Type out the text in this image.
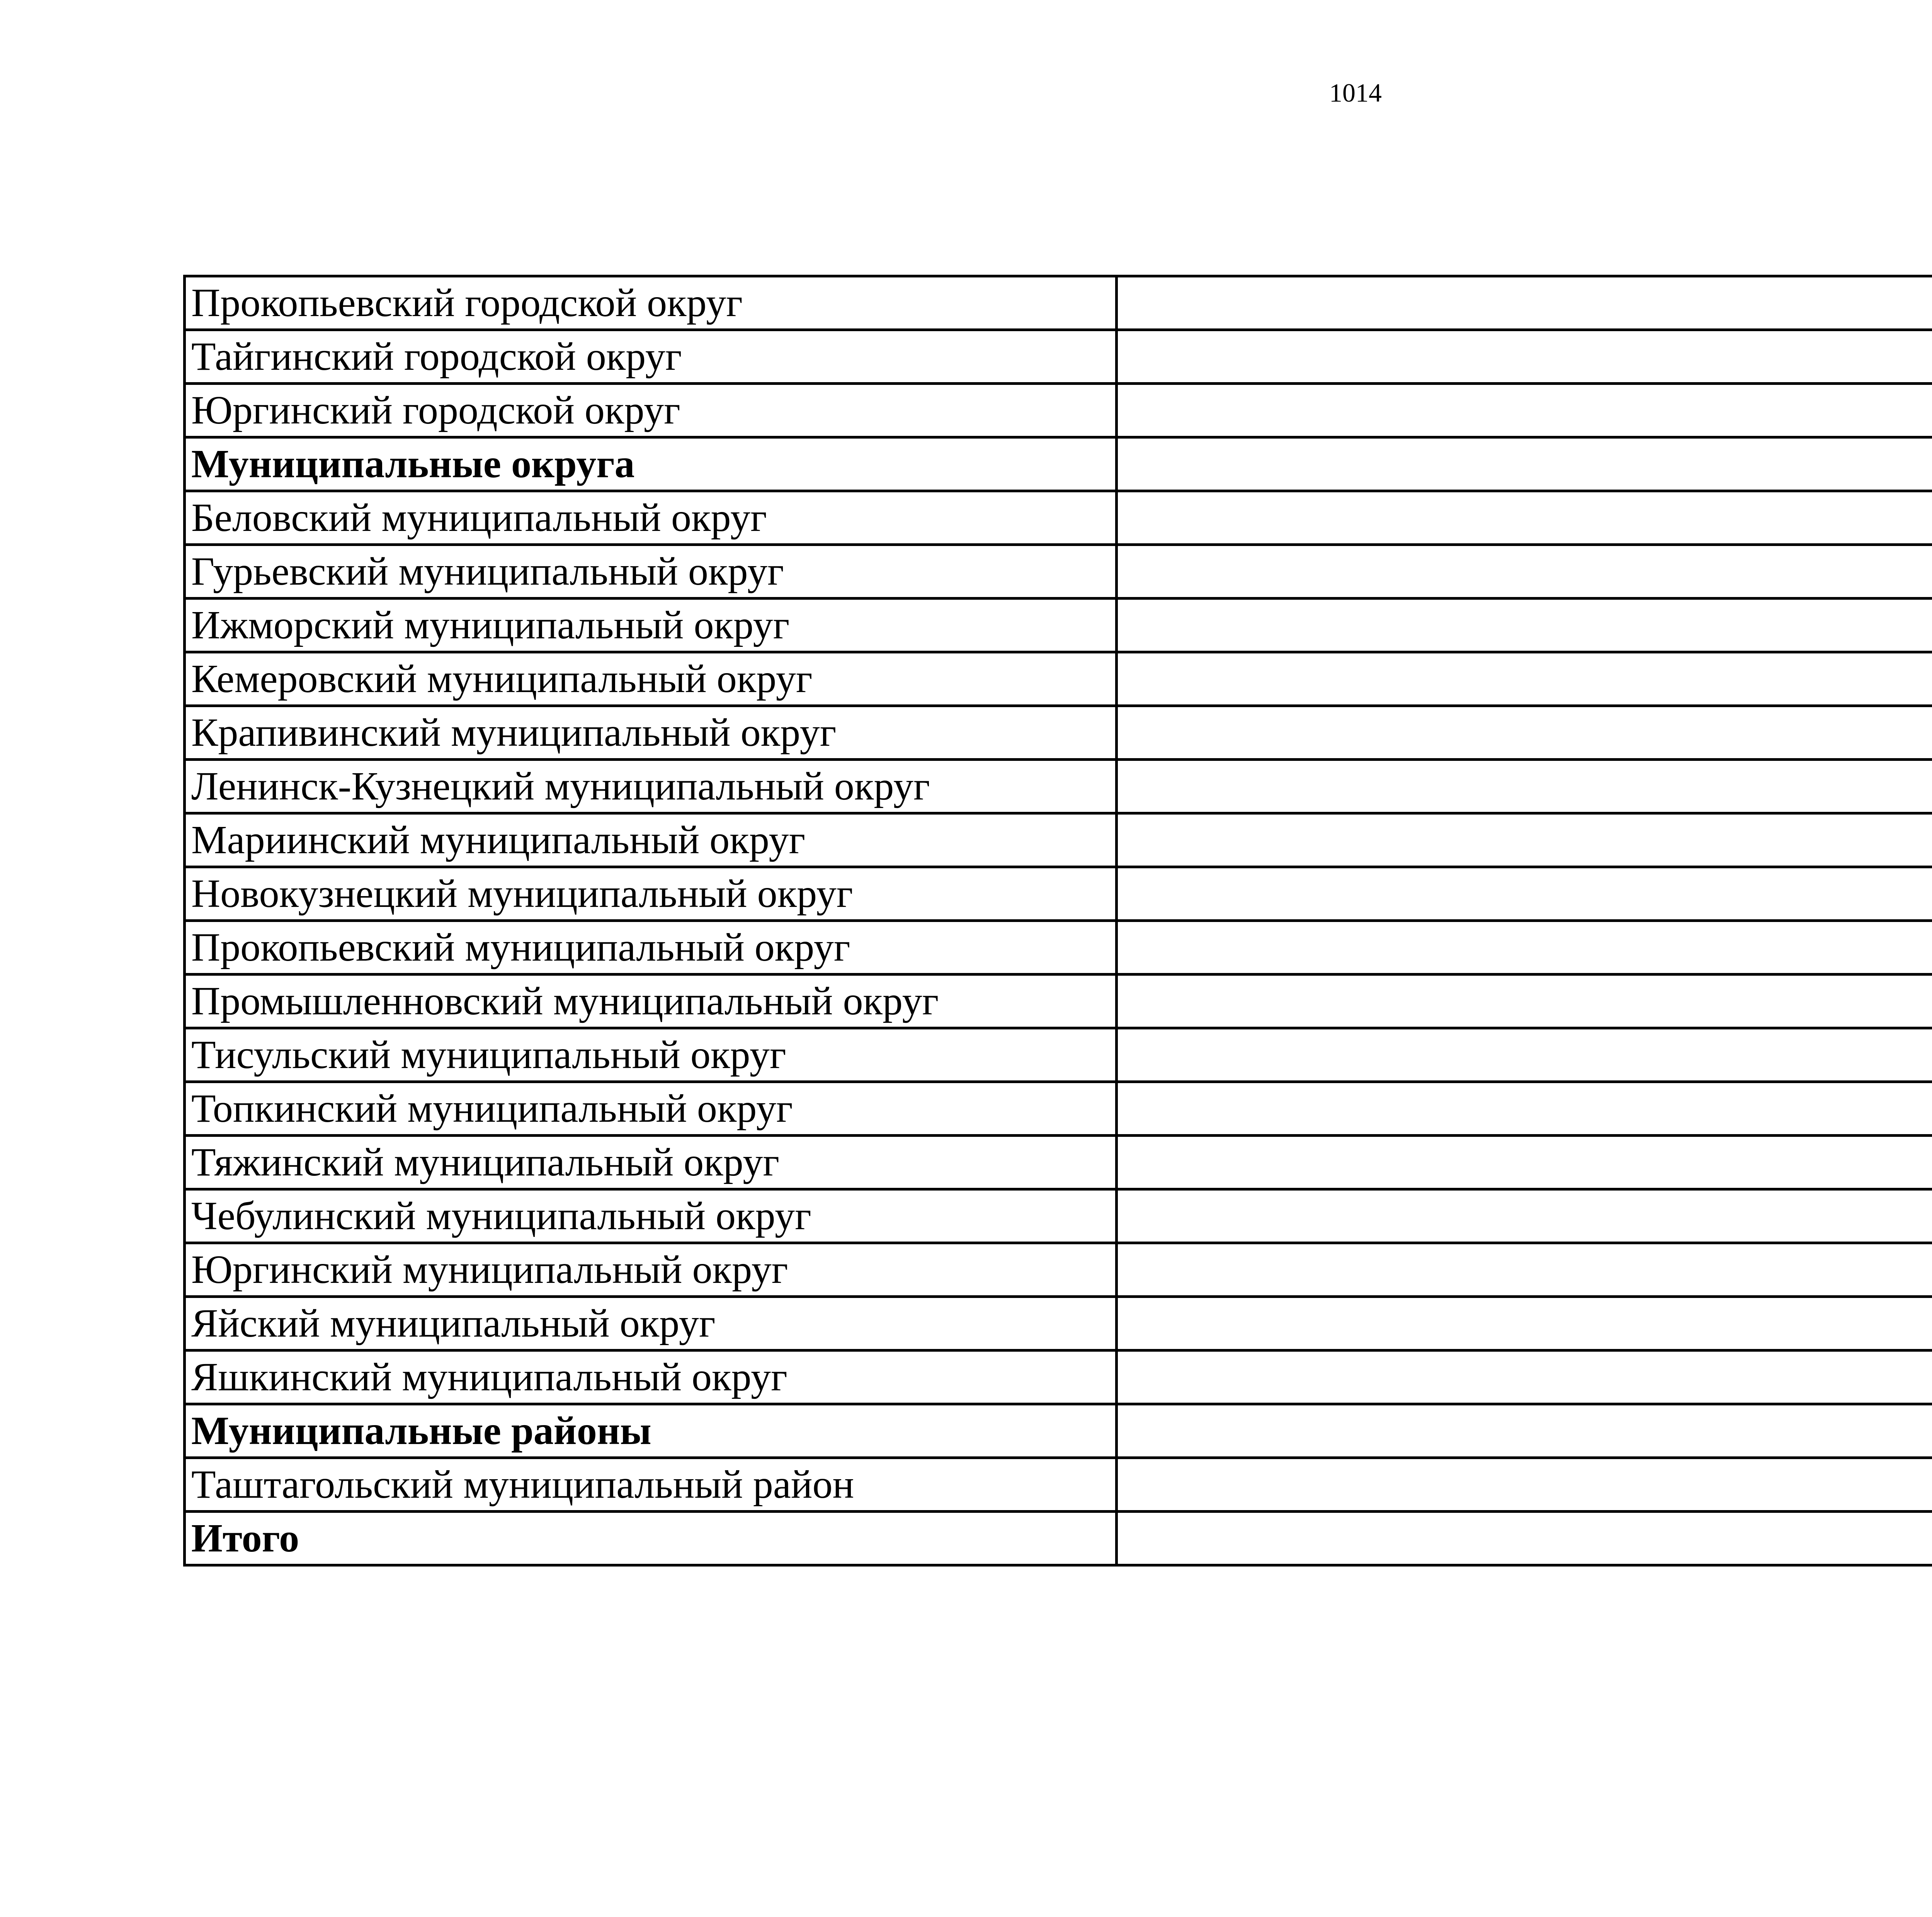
1014
Прокопьевский городской округ	
Тайгинский городской округ	
Юргинский городской округ	
Муниципальные округа	
Беловский муниципальный округ	
Гурьевский муниципальный округ	
Ижморский муниципальный округ	
Кемеровский муниципальный округ	
Крапивинский муниципальный округ	
Ленинск-Кузнецкий муниципальный округ	
Мариинский муниципальный округ	
Новокузнецкий муниципальный округ	
Прокопьевский муниципальный округ	
Промышленновский муниципальный округ	
Тисульский муниципальный округ	
Топкинский муниципальный округ	
Тяжинский муниципальный округ	
Чебулинский муниципальный округ	
Юргинский муниципальный округ	
Яйский муниципальный округ	
Яшкинский муниципальный округ	
Муниципальные районы	
Таштагольский муниципальный район	
Итого	
